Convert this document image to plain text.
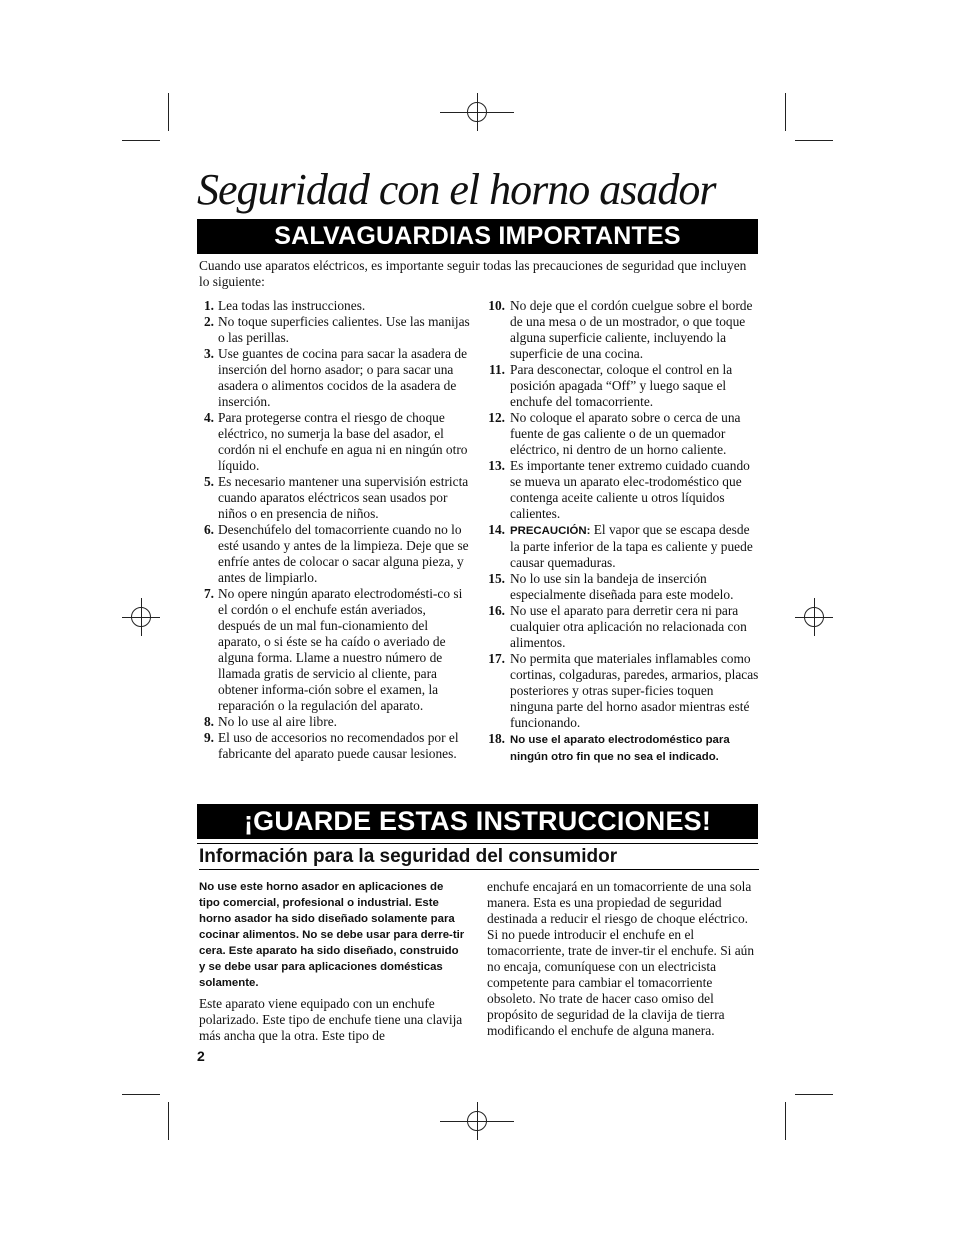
Seguridad con el horno asador
SALVAGUARDIAS IMPORTANTES
Cuando use aparatos eléctricos, es importante seguir todas las precauciones de seguridad que incluyen lo siguiente:
1. Lea todas las instrucciones.
2. No toque superficies calientes. Use las manijas o las perillas.
3. Use guantes de cocina para sacar la asadera de inserción del horno asador; o para sacar una asadera o alimentos cocidos de la asadera de inserción.
4. Para protegerse contra el riesgo de choque eléctrico, no sumerja la base del asador, el cordón ni el enchufe en agua ni en ningún otro líquido.
5. Es necesario mantener una supervisión estricta cuando aparatos eléctricos sean usados por niños o en presencia de niños.
6. Desenchúfelo del tomacorriente cuando no lo esté usando y antes de la limpieza. Deje que se enfríe antes de colocar o sacar alguna pieza, y antes de limpiarlo.
7. No opere ningún aparato electrodomésti-co si el cordón o el enchufe están averiados, después de un mal fun-cionamiento del aparato, o si éste se ha caído o averiado de alguna forma. Llame a nuestro número de llamada gratis de servicio al cliente, para obtener informa-ción sobre el examen, la reparación o la regulación del aparato.
8. No lo use al aire libre.
9. El uso de accesorios no recomendados por el fabricante del aparato puede causar lesiones.
10. No deje que el cordón cuelgue sobre el borde de una mesa o de un mostrador, o que toque alguna superficie caliente, incluyendo la superficie de una cocina.
11. Para desconectar, coloque el control en la posición apagada “Off” y luego saque el enchufe del tomacorriente.
12. No coloque el aparato sobre o cerca de una fuente de gas caliente o de un quemador eléctrico, ni dentro de un horno caliente.
13. Es importante tener extremo cuidado cuando se mueva un aparato elec-trodoméstico que contenga aceite caliente u otros líquidos calientes.
14. PRECAUCIÓN: El vapor que se escapa desde la parte inferior de la tapa es caliente y puede causar quemaduras.
15. No lo use sin la bandeja de inserción especialmente diseñada para este modelo.
16. No use el aparato para derretir cera ni para cualquier otra aplicación no relacionada con alimentos.
17. No permita que materiales inflamables como cortinas, colgaduras, paredes, armarios, placas posteriores y otras super-ficies toquen ninguna parte del horno asador mientras esté funcionando.
18. No use el aparato electrodoméstico para ningún otro fin que no sea el indicado.
¡GUARDE ESTAS INSTRUCCIONES!
Información para la seguridad del consumidor
No use este horno asador en aplicaciones de tipo comercial, profesional o industrial. Este horno asador ha sido diseñado solamente para cocinar alimentos. No se debe usar para derre-tir cera. Este aparato ha sido diseñado, construido y se debe usar para aplicaciones domésticas solamente.
Este aparato viene equipado con un enchufe polarizado. Este tipo de enchufe tiene una clavija más ancha que la otra. Este tipo de
enchufe encajará en un tomacorriente de una sola manera. Esta es una propiedad de seguridad destinada a reducir el riesgo de choque eléctrico. Si no puede introducir el enchufe en el tomacorriente, trate de inver-tir el enchufe. Si aún no encaja, comuníquese con un electricista competente para cambiar el tomacorriente obsoleto. No trate de hacer caso omiso del propósito de seguridad de la clavija de tierra modificando el enchufe de alguna manera.
2
